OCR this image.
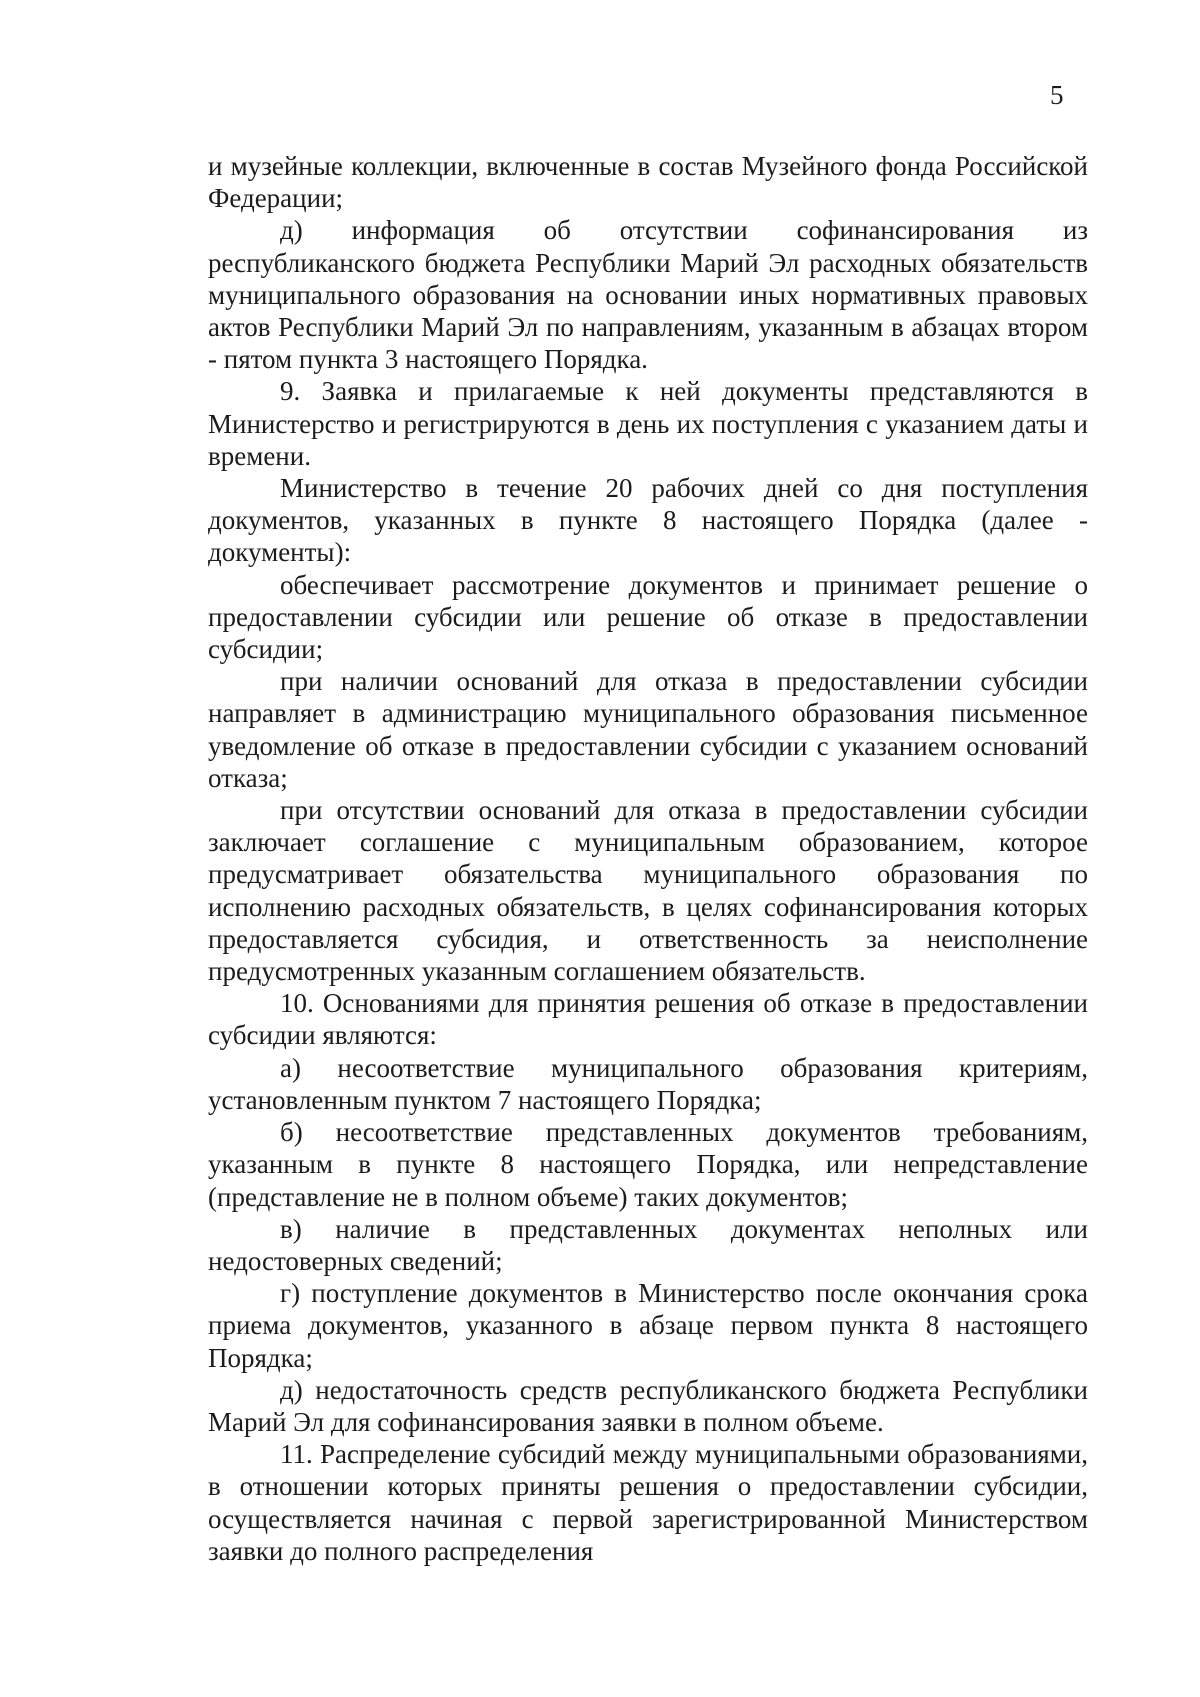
5

и музейные коллекции, включенные в состав Музейного фонда Российской Федерации;

д) информация об отсутствии софинансирования из республиканского бюджета Республики Марий Эл расходных обязательств муниципального образования на основании иных нормативных правовых актов Республики Марий Эл по направлениям, указанным в абзацах втором - пятом пункта 3 настоящего Порядка.

9. Заявка и прилагаемые к ней документы представляются в Министерство и регистрируются в день их поступления с указанием даты и времени.

Министерство в течение 20 рабочих дней со дня поступления документов, указанных в пункте 8 настоящего Порядка (далее - документы):

обеспечивает рассмотрение документов и принимает решение о предоставлении субсидии или решение об отказе в предоставлении субсидии;

при наличии оснований для отказа в предоставлении субсидии направляет в администрацию муниципального образования письменное уведомление об отказе в предоставлении субсидии с указанием оснований отказа;

при отсутствии оснований для отказа в предоставлении субсидии заключает соглашение с муниципальным образованием, которое предусматривает обязательства муниципального образования по исполнению расходных обязательств, в целях софинансирования которых предоставляется субсидия, и ответственность за неисполнение предусмотренных указанным соглашением обязательств.

10. Основаниями для принятия решения об отказе в предоставлении субсидии являются:

а) несоответствие муниципального образования критериям, установленным пунктом 7 настоящего Порядка;

б) несоответствие представленных документов требованиям, указанным в пункте 8 настоящего Порядка, или непредставление (представление не в полном объеме) таких документов;

в) наличие в представленных документах неполных или недостоверных сведений;

г) поступление документов в Министерство после окончания срока приема документов, указанного в абзаце первом пункта 8 настоящего Порядка;

д) недостаточность средств республиканского бюджета Республики Марий Эл для софинансирования заявки в полном объеме.

11. Распределение субсидий между муниципальными образованиями, в отношении которых приняты решения о предоставлении субсидии, осуществляется начиная с первой зарегистрированной Министерством заявки до полного распределения
